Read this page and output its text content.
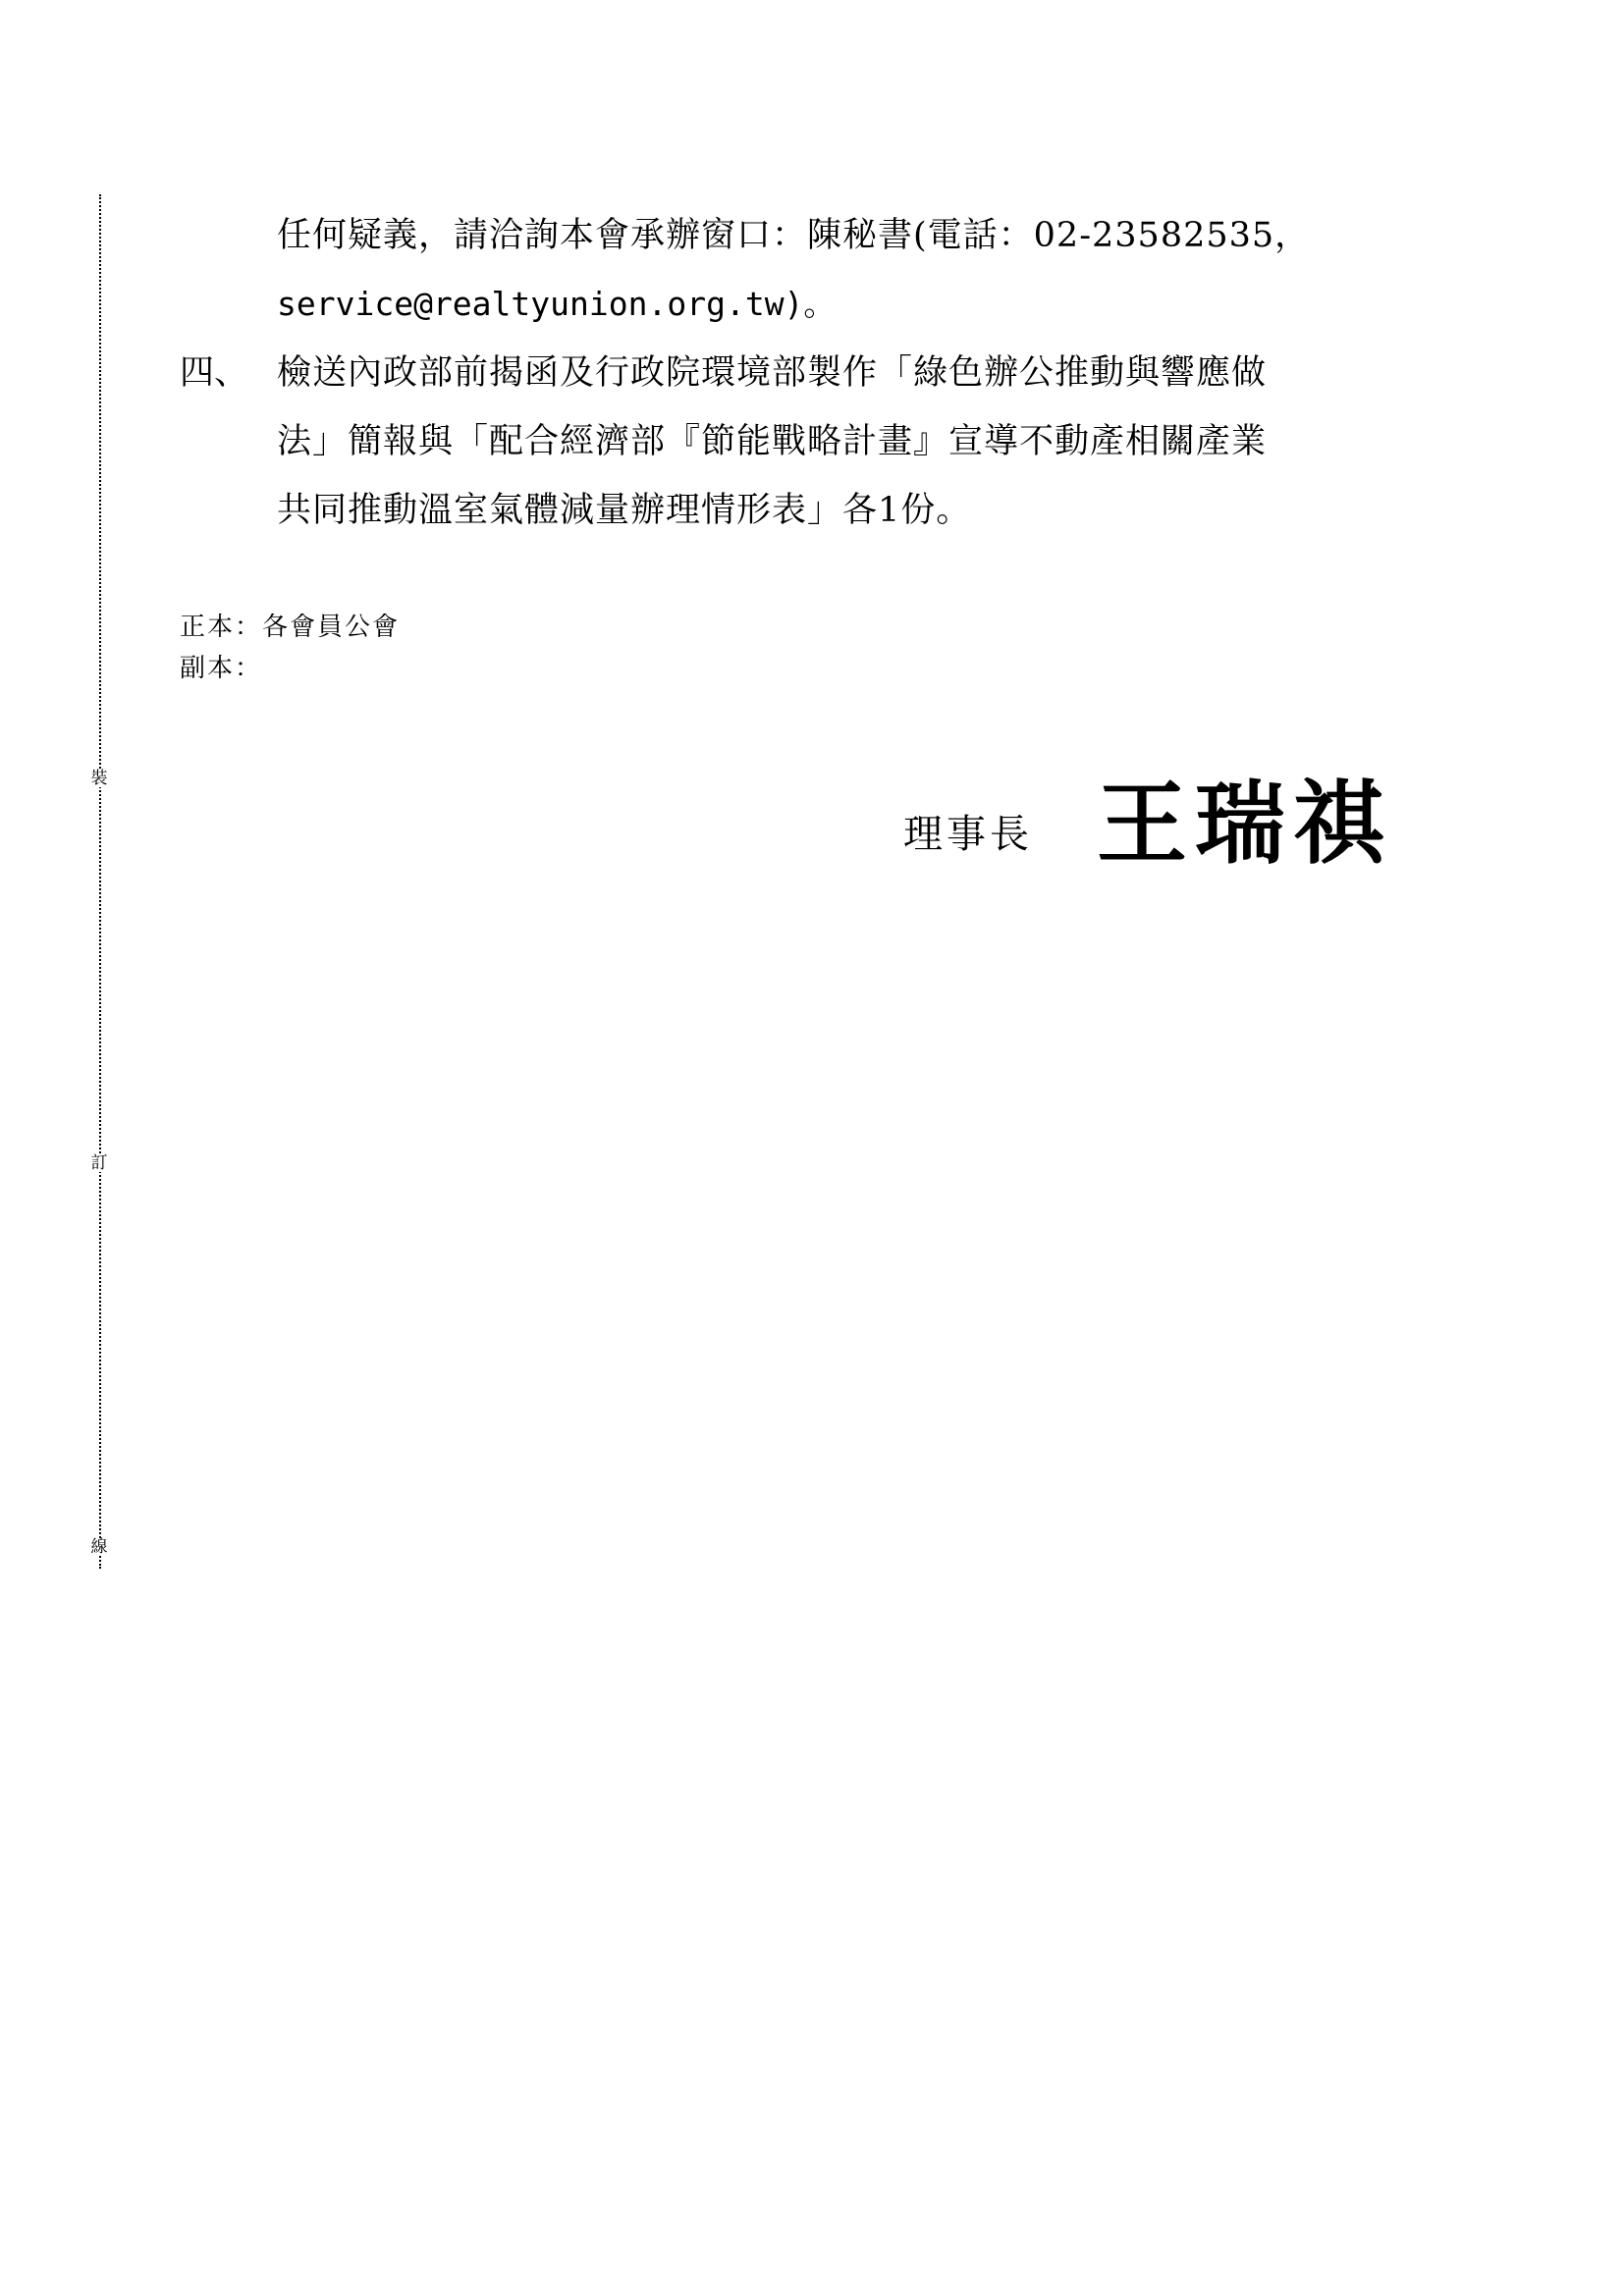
裝
訂
線
任何疑義，請洽詢本會承辦窗口：陳秘書(電話：02-23582535，
service@realtyunion.org.tw)。
四、 檢送內政部前揭函及行政院環境部製作「綠色辦公推動與響應做
法」簡報與「配合經濟部『節能戰略計畫』宣導不動產相關產業
共同推動溫室氣體減量辦理情形表」各1份。
正本：各會員公會
副本：
理事長 王瑞祺
